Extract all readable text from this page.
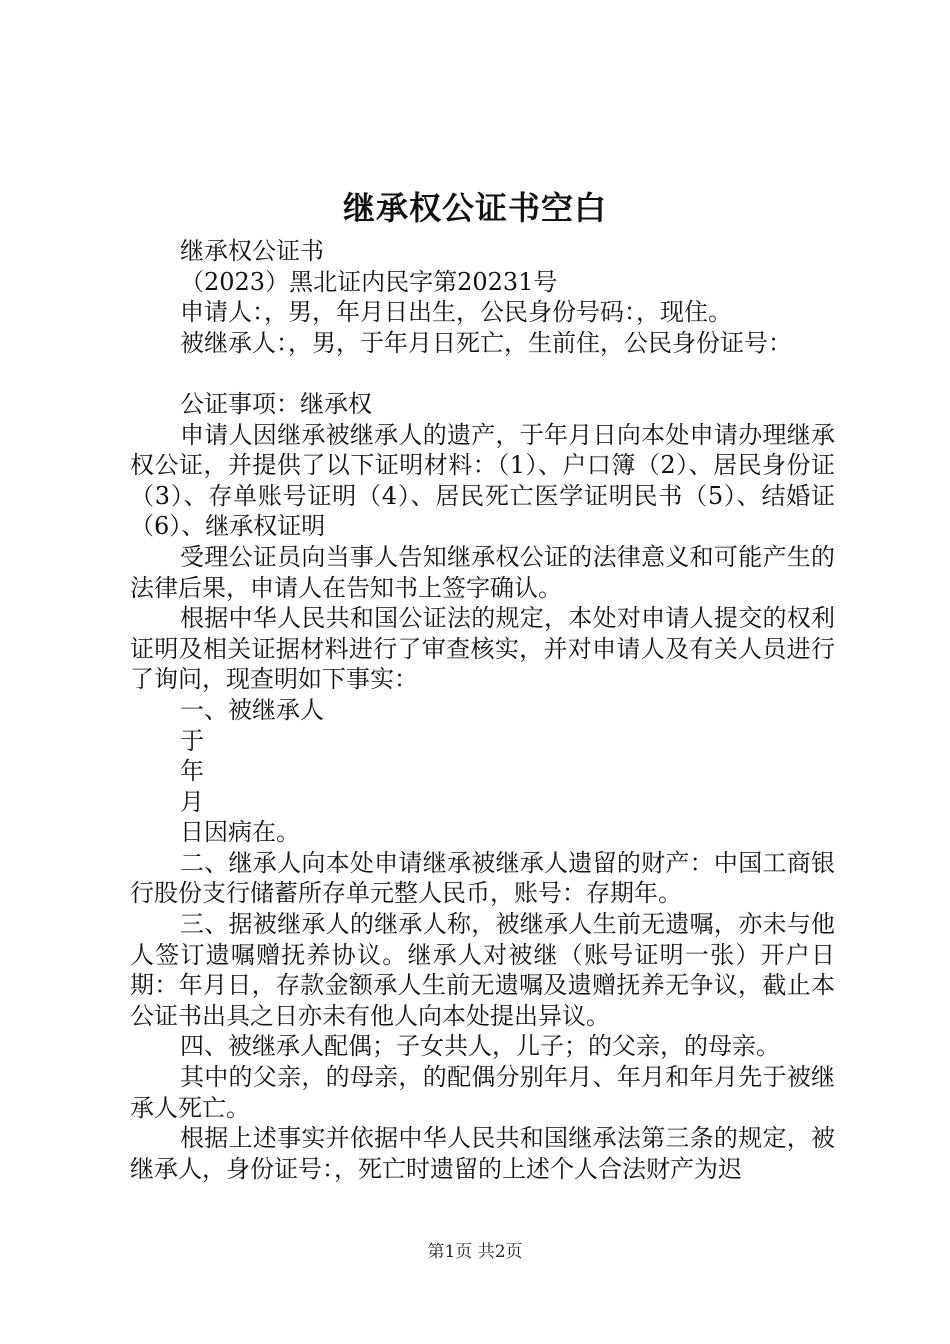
继承权公证书空白

继承权公证书

（2023）黑北证内民字第20231号

申请人：，男，年月日出生，公民身份号码：，现住。

被继承人：，男，于年月日死亡，生前住，公民身份证号：

公证事项：继承权

申请人因继承被继承人的遗产，于年月日向本处申请办理继承权公证，并提供了以下证明材料：（1）、户口簿（2）、居民身份证（3）、存单账号证明（4）、居民死亡医学证明民书（5）、结婚证（6）、继承权证明

受理公证员向当事人告知继承权公证的法律意义和可能产生的法律后果，申请人在告知书上签字确认。

根据中华人民共和国公证法的规定，本处对申请人提交的权利证明及相关证据材料进行了审查核实，并对申请人及有关人员进行了询问，现查明如下事实：

一、被继承人

于

年

月

日因病在。

二、继承人向本处申请继承被继承人遗留的财产：中国工商银行股份支行储蓄所存单元整人民币，账号：存期年。

三、据被继承人的继承人称，被继承人生前无遗嘱，亦未与他人签订遗嘱赠抚养协议。继承人对被继（账号证明一张）开户日期：年月日，存款金额承人生前无遗嘱及遗赠抚养无争议，截止本公证书出具之日亦未有他人向本处提出异议。

四、被继承人配偶；子女共人，儿子；的父亲，的母亲。

其中的父亲，的母亲，的配偶分别年月、年月和年月先于被继承人死亡。

根据上述事实并依据中华人民共和国继承法第三条的规定，被继承人，身份证号：，死亡时遗留的上述个人合法财产为迟

第1页 共2页
